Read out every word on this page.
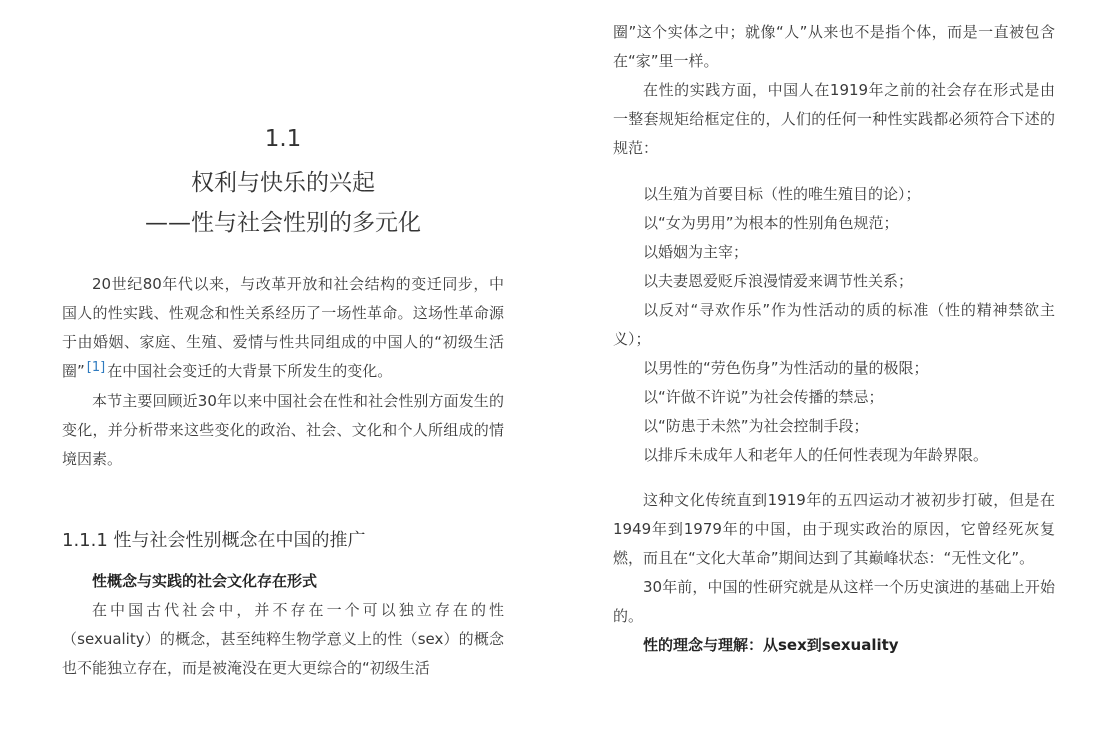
1.1
权利与快乐的兴起
——性与社会性别的多元化

20世纪80年代以来，与改革开放和社会结构的变迁同步，中国人的性实践、性观念和性关系经历了一场性革命。这场性革命源于由婚姻、家庭、生殖、爱情与性共同组成的中国人的“初级生活圈” [1] 在中国社会变迁的大背景下所发生的变化。

本节主要回顾近30年以来中国社会在性和社会性别方面发生的变化，并分析带来这些变化的政治、社会、文化和个人所组成的情境因素。

1.1.1 性与社会性别概念在中国的推广

性概念与实践的社会文化存在形式

在中国古代社会中，并不存在一个可以独立存在的性（sexuality）的概念，甚至纯粹生物学意义上的性（sex）的概念也不能独立存在，而是被淹没在更大更综合的“初级生活

圈”这个实体之中；就像“人”从来也不是指个体，而是一直被包含在“家”里一样。

在性的实践方面，中国人在1919年之前的社会存在形式是由一整套规矩给框定住的，人们的任何一种性实践都必须符合下述的规范：

以生殖为首要目标（性的唯生殖目的论）；
以“女为男用”为根本的性别角色规范；
以婚姻为主宰；
以夫妻恩爱贬斥浪漫情爱来调节性关系；
以反对“寻欢作乐”作为性活动的质的标准（性的精神禁欲主义）；
以男性的“劳色伤身”为性活动的量的极限；
以“许做不许说”为社会传播的禁忌；
以“防患于未然”为社会控制手段；
以排斥未成年人和老年人的任何性表现为年龄界限。

这种文化传统直到1919年的五四运动才被初步打破，但是在1949年到1979年的中国，由于现实政治的原因，它曾经死灰复燃，而且在“文化大革命”期间达到了其巅峰状态：“无性文化”。

30年前，中国的性研究就是从这样一个历史演进的基础上开始的。

性的理念与理解：从sex到sexuality
